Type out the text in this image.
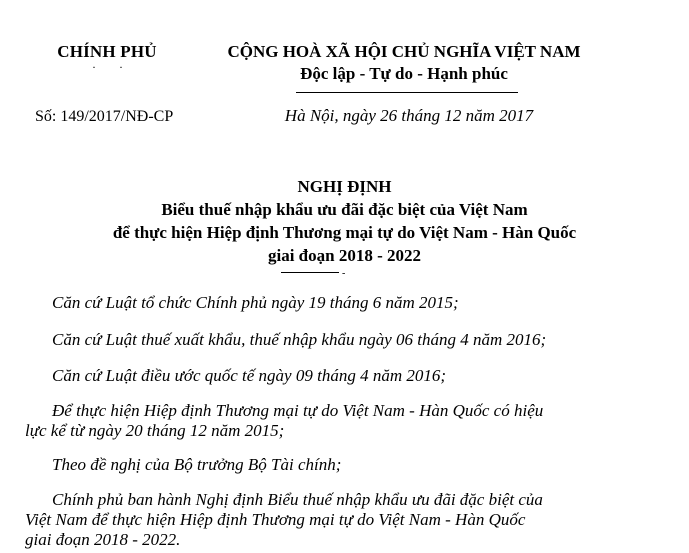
CHÍNH PHỦ
· ·
CỘNG HOÀ XÃ HỘI CHỦ NGHĨA VIỆT NAM
Độc lập - Tự do - Hạnh phúc
Số: 149/2017/NĐ-CP	Hà Nội, ngày 26 tháng 12 năm 2017
NGHỊ ĐỊNH
Biểu thuế nhập khẩu ưu đãi đặc biệt của Việt Nam
để thực hiện Hiệp định Thương mại tự do Việt Nam - Hàn Quốc
giai đoạn 2018 - 2022
-
Căn cứ Luật tổ chức Chính phủ ngày 19 tháng 6 năm 2015;
Căn cứ Luật thuế xuất khẩu, thuế nhập khẩu ngày 06 tháng 4 năm 2016;
Căn cứ Luật điều ước quốc tế ngày 09 tháng 4 năm 2016;
Để thực hiện Hiệp định Thương mại tự do Việt Nam - Hàn Quốc có hiệu
lực kể từ ngày 20 tháng 12 năm 2015;
Theo đề nghị của Bộ trưởng Bộ Tài chính;
Chính phủ ban hành Nghị định Biểu thuế nhập khẩu ưu đãi đặc biệt của
Việt Nam để thực hiện Hiệp định Thương mại tự do Việt Nam - Hàn Quốc
giai đoạn 2018 - 2022.
